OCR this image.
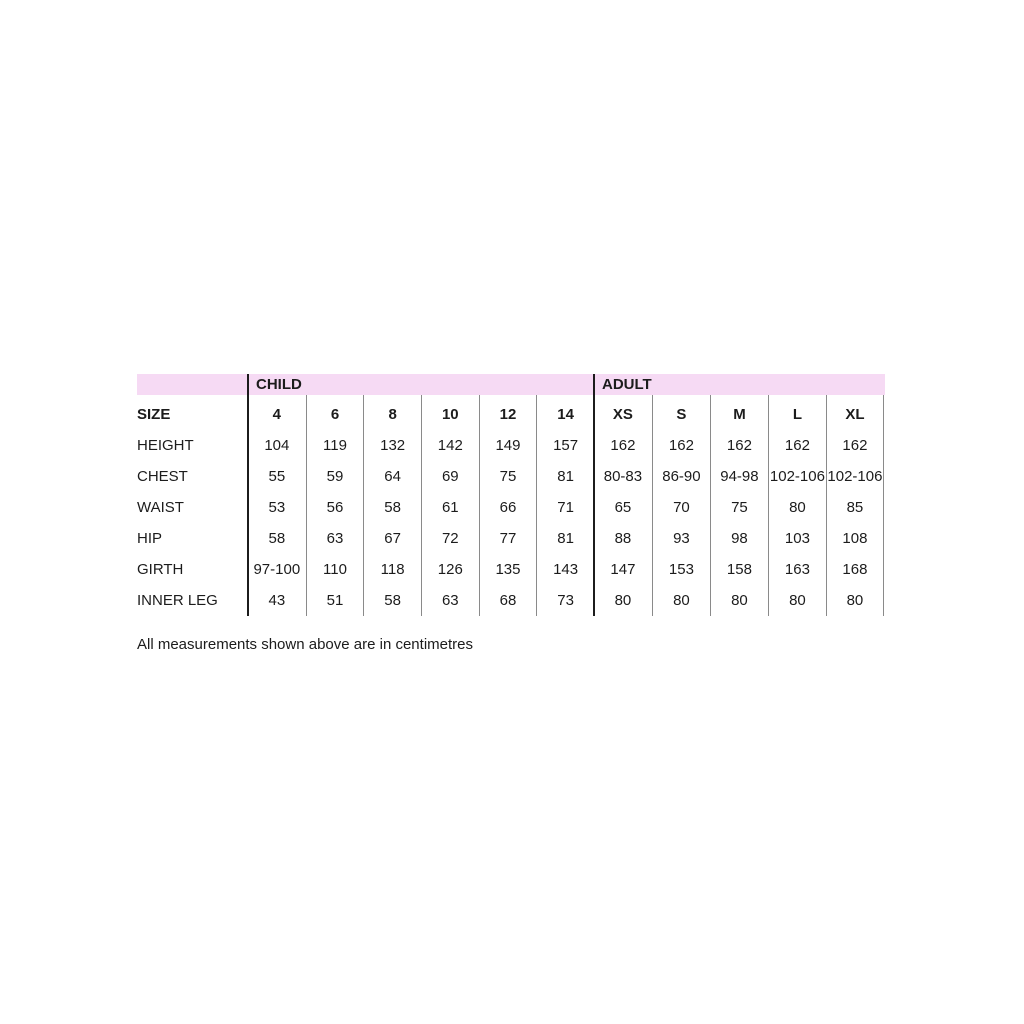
CHILD	ADULT
SIZE	4	6	8	10	12	14	XS	S	M	L	XL
HEIGHT	104	119	132	142	149	157	162	162	162	162	162
CHEST	55	59	64	69	75	81	80-83	86-90	94-98 102-106 102-106
WAIST	53	56	58	61	66	71	65	70	75	80	85
HIP	58	63	67	72	77	81	88	93	98	103	108
GIRTH	97-100	110	118	126	135	143	147	153	158	163	168
INNER LEG	43	51	58	63	68	73	80	80	80	80	80
All measurements shown above are in centimetres
